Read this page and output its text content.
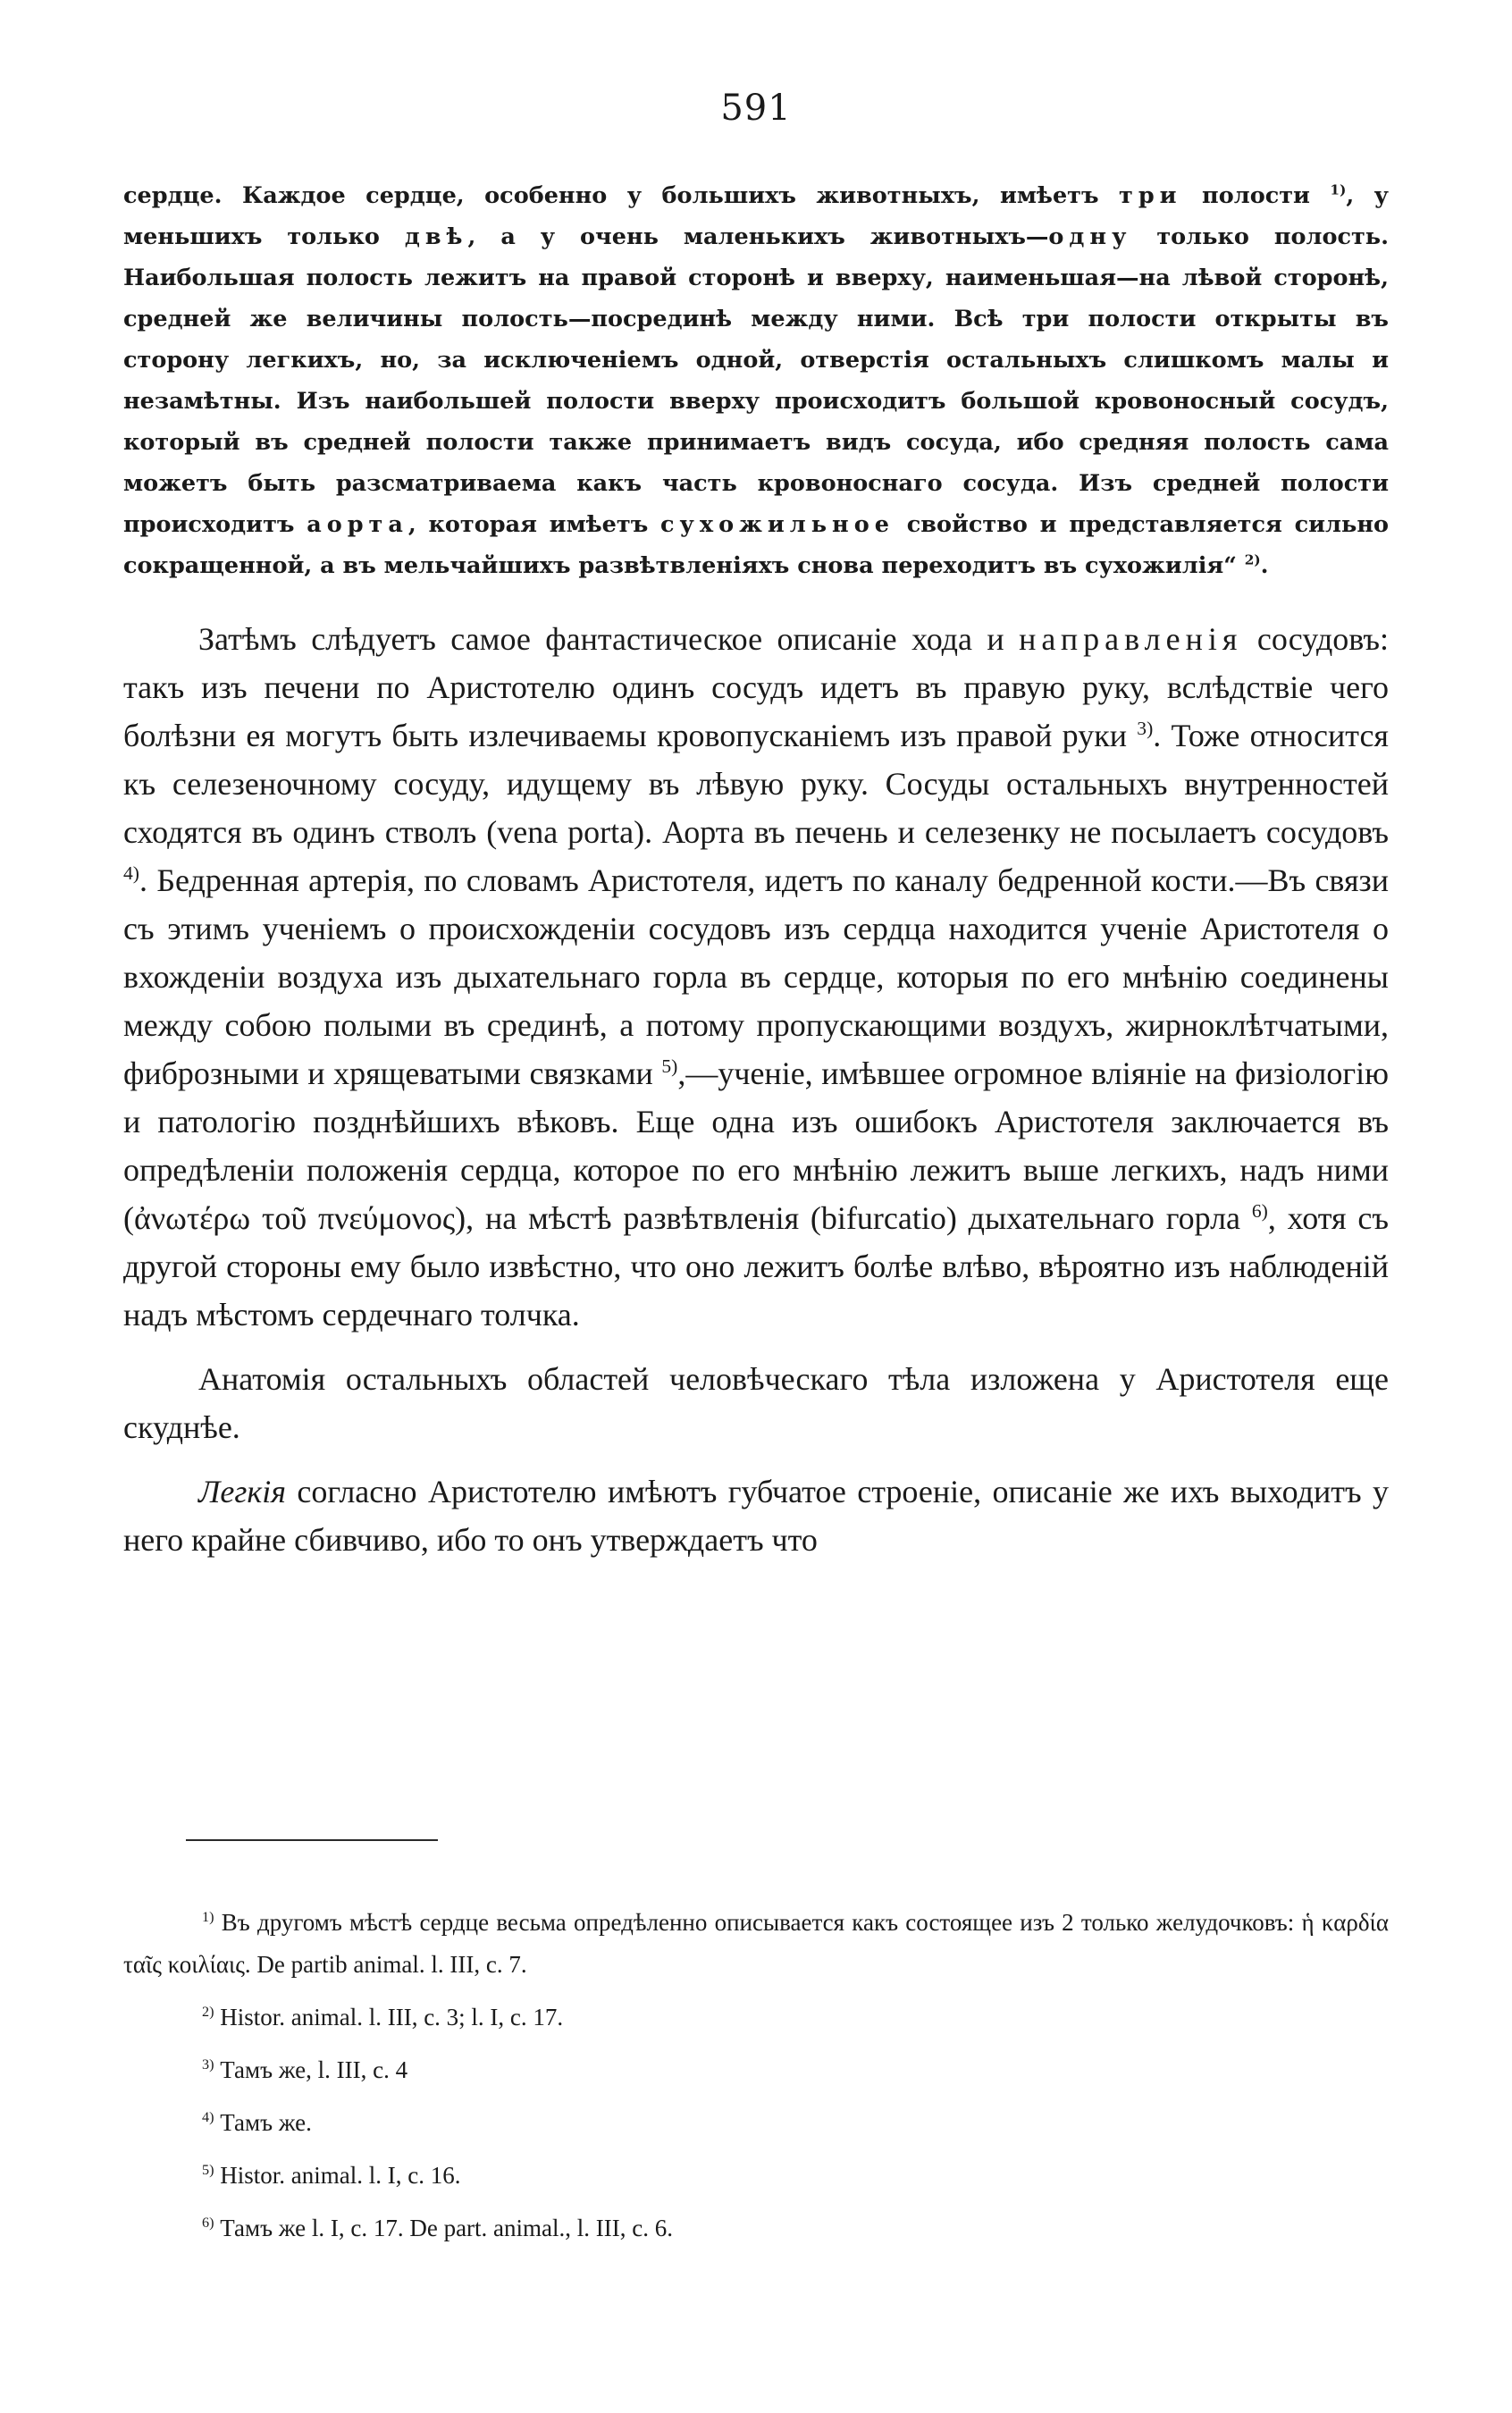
591
сердце. Каждое сердце, особенно у большихъ животныхъ, имѣетъ три полости $^{1)}$, у меньшихъ только двѣ, а у очень маленькихъ животныхъ—одну только полость. Наибольшая полость лежитъ на правой сторонѣ и вверху, наименьшая—на лѣвой сторонѣ, средней же величины полость—посрединѣ между ними. Всѣ три полости открыты въ сторону легкихъ, но, за исключеніемъ одной, отверстія остальныхъ слишкомъ малы и незамѣтны. Изъ наибольшей полости вверху происходитъ большой кровоносный сосудъ, который въ средней полости также принимаетъ видъ сосуда, ибо средняя полость сама можетъ быть разсматриваема какъ часть кровоноснаго сосуда. Изъ средней полости происходитъ аорта, которая имѣетъ сухожильное свойство и представляется сильно сокращенной, а въ мельчайшихъ развѣтвленіяхъ снова переходитъ въ сухожилія“ $^{2)}$.

Затѣмъ слѣдуетъ самое фантастическое описаніе хода и направленія сосудовъ: такъ изъ печени по Аристотелю одинъ сосудъ идетъ въ правую руку, вслѣдствіе чего болѣзни ея могутъ быть излечиваемы кровопусканіемъ изъ правой руки $^{3)}$. Тоже относится къ селезеночному сосуду, идущему въ лѣвую руку. Сосуды остальныхъ внутренностей сходятся въ одинъ стволъ (vena porta). Аорта въ печень и селезенку не посылаетъ сосудовъ $^{4)}$. Бедренная артерія, по словамъ Аристотеля, идетъ по каналу бедренной кости.—Въ связи съ этимъ ученіемъ о происхожденіи сосудовъ изъ сердца находится ученіе Аристотеля о вхожденіи воздуха изъ дыхательнаго горла въ сердце, которыя по его мнѣнію соединены между собою полыми въ срединѣ, а потому пропускающими воздухъ, жирноклѣтчатыми, фиброзными и хрящеватыми связками $^{5)}$,—ученіе, имѣвшее огромное вліяніе на физіологію и патологію позднѣйшихъ вѣковъ. Еще одна изъ ошибокъ Аристотеля заключается въ опредѣленіи положенія сердца, которое по его мнѣнію лежитъ выше легкихъ, надъ ними (ἀνωτέρω τοῦ πνεύμονος), на мѣстѣ развѣтвленія (bifurcatio) дыхательнаго горла $^{6)}$, хотя съ другой стороны ему было извѣстно, что оно лежитъ болѣе влѣво, вѣроятно изъ наблюденій надъ мѣстомъ сердечнаго толчка.

Анатомія остальныхъ областей человѣческаго тѣла изложена у Аристотеля еще скуднѣе.

Легкія согласно Аристотелю имѣютъ губчатое строеніе, описаніе же ихъ выходитъ у него крайне сбивчиво, ибо то онъ утверждаетъ что

$^{1)}$ Въ другомъ мѣстѣ сердце весьма опредѣленно описывается какъ состоящее изъ 2 только желудочковъ: ἡ καρδία ταῖς κοιλίαις. De partib animal. l. III, c. 7.
$^{2)}$ Histor. animal. l. III, c. 3; l. I, c. 17.
$^{3)}$ Тамъ же, l. III, c. 4
$^{4)}$ Тамъ же.
$^{5)}$ Histor. animal. l. I, c. 16.
$^{6)}$ Тамъ же l. I, c. 17. De part. animal., l. III, c. 6.
